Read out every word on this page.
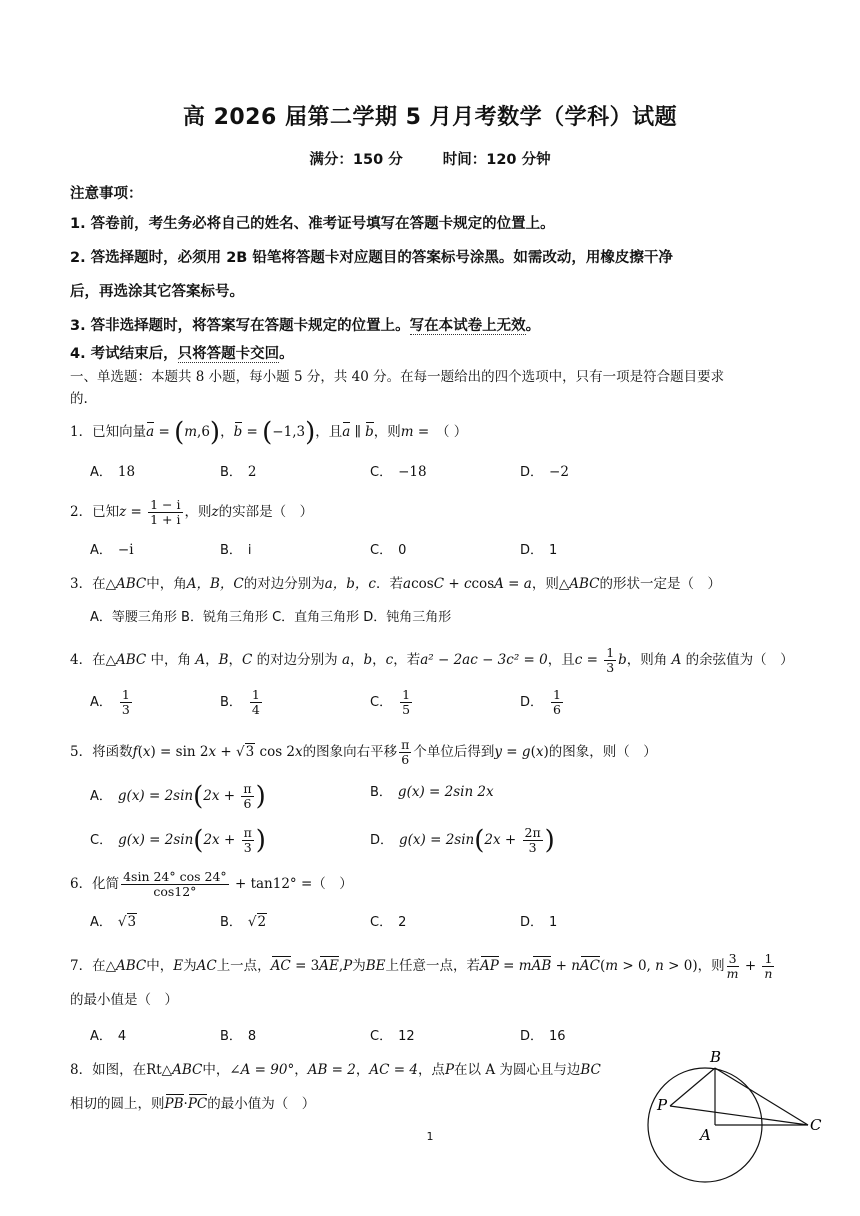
高 2026 届第二学期 5 月月考数学（学科）试题
满分：150 分	时间：120 分钟
注意事项：
1. 答卷前，考生务必将自己的姓名、准考证号填写在答题卡规定的位置上。
2. 答选择题时，必须用 2B 铅笔将答题卡对应题目的答案标号涂黑。如需改动，用橡皮擦干净
后，再选涂其它答案标号。
3. 答非选择题时，将答案写在答题卡规定的位置上。写在本试卷上无效。
4. 考试结束后，只将答题卡交回。
一、单选题：本题共 8 小题，每小题 5 分，共 40 分。在每一题给出的四个选项中，只有一项是符合题目要求
的.
1．已知向量a = (m,6)，b = (−1,3)，且a ∥ b，则m =　（ ）
A． 18	B． 2	C． −18	D． −2
2．已知$z = \frac{1 - i}{1 + i}$ ，则z的实部是（　）
A． −i	B． i	C． 0	D． 1
3．在△ABC中，角A，B，C的对边分别为a，b，c．若acosC + ccosA = a，则△ABC的形状一定是（　）
A．等腰三角形 B．锐角三角形 C．直角三角形 D．钝角三角形
4．在△ABC 中，角 A，B，C 的对边分别为 a，b，c，若a² − 2ac − 3c² = 0，且$c = \frac{1}{3}$ b，则角 A 的余弦值为（　）
A． $\frac{1}{3}$	B． $\frac{1}{4}$	C． $\frac{1}{5}$	D． $\frac{1}{6}$
5．将函数f(x) = sin 2x + √3 cos 2x的图象向右平移 $\frac{\pi}{6}$ 个单位后得到y = g(x)的图象，则（　）
A． $g(x) = 2\sin(2x + \frac{\pi}{6}$ )	B． g(x) = 2sin 2x
C． $g(x) = 2\sin(2x + \frac{\pi}{3}$ )	D． $g(x) = 2\sin(2x + \frac{2\pi}{3}$ )
6．化简 $\frac{4\sin 24^\circ \cos 24^\circ}{\cos 12^\circ} + \tan 12^\circ$ =（　）
A． √3	B． √2	C． 2	D． 1
7．在△ABC中，E为AC上一点，AC = 3AE,P为BE上任意一点，若AP = mAB + nAC(m > 0, n > 0)，则 $\frac{3}{m} + \frac{1}{n}$
的最小值是（　）
A． 4	B． 8	C． 12	D． 16
8．如图，在Rt△ABC中，∠A = 90°，AB = 2，AC = 4，点P在以 A 为圆心且与边BC
相切的圆上，则PB·PC的最小值为（　）
B
P
A
C
1
